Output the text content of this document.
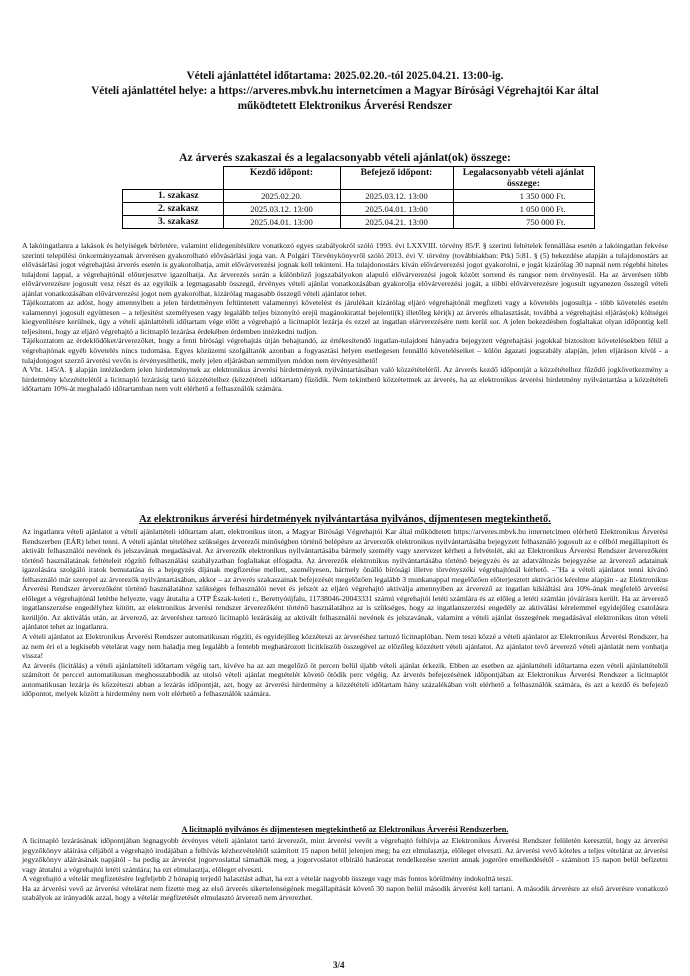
Vételi ajánlattétel időtartama: 2025.02.20.-tól 2025.04.21. 13:00-ig.
Vételi ajánlattétel helye: a https://arveres.mbvk.hu internetcímen a Magyar Bírósági Végrehajtói Kar által
működtetett Elektronikus Árverési Rendszer
Az árverés szakaszai és a legalacsonyabb vételi ajánlat(ok) összege:
	Kezdő időpont:	Befejező időpont:	Legalacsonyabb vételi ajánlat összege:
1. szakasz	2025.02.20.	2025.03.12. 13:00	1 350 000 Ft.
2. szakasz	2025.03.12. 13:00	2025.04.01. 13:00	1 050 000 Ft.
3. szakasz	2025.04.01. 13:00	2025.04.21. 13:00	750 000 Ft.

A lakóingatlanra a lakások és helyiségek bérletére, valamint elidegenítésükre vonatkozó egyes szabályokról szóló 1993. évi LXXVIII. törvény 85/F. § szerinti feltételek fennállása esetén a lakóingatlan fekvése szerinti települési önkormányzatnak árverésen gyakorolható elővásárlási joga van. A Polgári Törvénykönyvről szóló 2013. évi V. törvény (továbbiakban: Ptk) 5:81. § (5) bekezdése alapján a tulajdonostárs az elővásárlási jogot végrehajtási árverés esetén is gyakorolhatja, amit elővárverezési jognak kell tekinteni. Ha tulajdonostárs kíván elővárverezési jogot gyakorolni, e jogát kizárólag 30 napnál nem régebbi hiteles tulajdoni lappal, a végrehajtónál előterjesztve igazolhatja. Az árverezés során a különböző jogszabályokon alapuló elővárverezési jogok között sorrend és rangsor nem érvényesül. Ha az árverésen több elővárverezésre jogosult vesz részt és az egyikük a legmagasabb összegű, érvényes vételi ajánlat vonatkozásában gyakorolja elővárverezési jogát, a többi elővárverezésre jogosult ugyanezen összegű vételi ajánlat vonatkozásában elővárverezési jogot nem gyakorolhat, kizárólag magasabb összegű vételi ajánlatot tehet.

Tájékoztatom az adóst, hogy amennyiben a jelen hirdetményen feltüntetett valamennyi követelést és járulékait kizárólag eljáró végrehajtónál megfizeti vagy a követelés jogosultja - több követelés esetén valamennyi jogosult együttesen – a teljesítést személyesen vagy legalább teljes bizonyító erejű magánokirattal bejelenti(k) illetőleg kéri(k) az árverés elhalasztását, továbbá a végrehajtási eljárás(ok) költségei kiegyenlítésre kerülnek, úgy a vételi ajánlattételi időtartam vége előtt a végrehajtó a licitnaplót lezárja és ezzel az ingatlan elárverezésére nem kerül sor. A jelen bekezdésben foglaltakat olyan időpontig kell teljesíteni, hogy az eljáró végrehajtó a licitnapló lezárása érdekében érdemben intézkedni tudjon.

Tájékoztatom az érdeklődőket/árverezőket, hogy a fenti bírósági végrehajtás útján behajtandó, az értékesítendő ingatlan-tulajdoni hányadra bejegyzett végrehajtási jogokkal biztosított követelésekben félül a végrehajtónak egyéb követelés nincs tudomása. Egyes közüzemi szolgáltatók azonban a fogyasztási helyen esetlegesen fennálló követeléseiket – külön ágazati jogszabály alapján, jelen eljáráson kívül - a tulajdonjogot szerző árverési vevőn is érvényesíthetik, mely jelen eljárásban semmilyen módon nem érvényesíthető!

A Vht. 145/A. § alapján intézkedem jelen hirdetménynek az elektronikus árverési hirdetmények nyilvántartásában való közzétételéről. Az árverés kezdő időpontját a közzétételhez fűződő jogkövetkezmény a hirdetmény közzétételétől a licitnapló lezárásig tartó közzétételhez (közzétételi időtartam) fűződik. Nem tekinthető közzétettnek az árverés, ha az elektronikus árverési hirdetmény nyilvántartása a közzétételi időtartam 10%-át meghaladó időtartamban nem volt elérhető a felhasználók számára.

Az elektronikus árverési hirdetmények nyilvántartása nyilvános, díjmentesen megtekinthető.

Az ingatlanra vételi ajánlatot a vételi ajánlattételi időtartam alatt, elektronikus úton, a Magyar Bírósági Végrehajtói Kar által működtetett https://arveres.mbvk.hu internetcímen elérhető Elektronikus Árverési Rendszerben (EÁR) lehet tenni. A vételi ajánlat tételéhez szükséges árverezői minőségben történő belépésre az árverezők elektronikus nyilvántartásába bejegyzett felhasználó jogosult az e célból megállapított és aktivált felhasználói nevének és jelszavának megadásával. Az árverezők elektronikus nyilvántartásába bármely személy vagy szervezet kérheti a felvételét, aki az Elektronikus Árverési Rendszer árverezőként történő használatának feltételeit rögzítő felhasználási szabályzatban foglaltakat elfogadta. Az árverezők elektronikus nyilvántartásába történő bejegyzés és az adatváltozás bejegyzése az árverező adatainak igazolására szolgáló iratok bemutatása és a bejegyzés díjának megfizetése mellett, személyesen, bármely önálló bírósági illetve törvényszéki végrehajtónál kérhető. –"Ha a vételi ajánlatot tenni kívánó felhasználó már szerepel az árverezők nyilvántartásában, akkor – az árverés szakaszainak befejezését megelőzően legalább 3 munkanappal megelőzően előterjesztett aktivációs kérelme alapján - az Elektronikus Árverési Rendszer árverezőként történő használatához szükséges felhasználói nevet és jelszót az eljáró végrehajtó aktiválja amennyiben az árverező az ingatlan kikiáltási ára 10%-ának megfelelő árverési előleget a végrehajtónál letétbe helyezte, vagy átutalta a OTP Észak-keleti r., Berettyóújfalu, 11738046-20043331 számú végrehajtói letéti számlára és az előleg a letéti számlán jóváírásra került. Ha az árverező ingatlanszerzése engedélyhez kötött, az elektronikus árverési rendszer árverezőként történő használatához az is szükséges, hogy az ingatlanszerzési engedély az aktiválási kérelemmel egyidejűleg csatolásra kerüljön. Az aktiválás után, az árverező, az árveréshez tartozó licitnapló lezárásáig az aktivált felhasználói nevének és jelszavának, valamint a vételi ajánlat összegének megadásával elektronikus úton vételi ajánlatot tehet az ingatlanra.

A vételi ajánlatot az Elektronikus Árverési Rendszer automatikusan rögzíti, és egyidejűleg közzéteszi az árveréshez tartozó licitnaplóban. Nem teszi közzé a vételi ajánlatot az Elektronikus Árverési Rendszer, ha az nem éri el a legkisebb vételárat vagy nem haladja meg legalább a fentebb meghatározott licitküszöb összegével az előzőleg közzétett vételi ajánlatot. Az ajánlatot tevő árverező vételi ajánlatát nem vonhatja vissza!

Az árverés (licitálás) a vételi ajánlattételi időtartam végéig tart, kivéve ha az azt megelőző öt percen belül újabb vételi ajánlat érkezik. Ebben az esetben az ajánlattételi időtartama ezen vételi ajánlattételtől számított öt perccel automatikusan meghosszabbodik az utolsó vételi ajánlat megtételét követő ötödik perc végéig. Az árverés befejezésének időpontjában az Elektronikus Árverési Rendszer a licitnaplót automatikusan lezárja és közzéteszi abban a lezárás időpontját, azt, hogy az árverési hirdetmény a közzétételi időtartam hány százalékában volt elérhető a felhasználók számára, és azt a kezdő és befejező időpontot, melyek között a hirdetmény nem volt elérhető a felhasználók számára.

A licitnapló nyilvános és díjmentesen megtekinthető az Elektronikus Árverési Rendszerben.

A licitnapló lezárásának időpontjában legnagyobb érvényes vételi ajánlatot tartó árverezőt, mint árverési vevőt a végrehajtó felhívja az Elektronikus Árverési Rendszer felületén keresztül, hogy az árverési jegyzőkönyv aláírása céljából a végrehajtó irodájában a felhívás kézhezvételétől számított 15 napon belül jelenjen meg; ha ezt elmulasztja, előleget elveszti. Az árverési vevő köteles a teljes vételárat az árverési jegyzőkönyv aláírásának napjától - ha pedig az árverést jogorvoslattal támadták meg, a jogorvoslatot elbíráló határozat rendelkezése szerint annak jogerőre emelkedésétől - számított 15 napon belül befizetni vagy átutalni a végrehajtói letéti számlára; ha ezt elmulasztja, előleget elveszti.

A végrehajtó a vételár megfizetésére legfeljebb 2 hónapig terjedő halasztást adhat, ha ezt a vételár nagyobb összege vagy más fontos körülmény indokolttá teszi.

Ha az árverési vevő az árverési vételárat nem fizette meg az első árverés sikertelenségének megállapítását követő 30 napon belül második árverést kell tartani. A második árverésre az első árverésre vonatkozó szabályok az irányadók azzal, hogy a vételár megfizetését elmulasztó árverező nem árverezhet.

3/4
